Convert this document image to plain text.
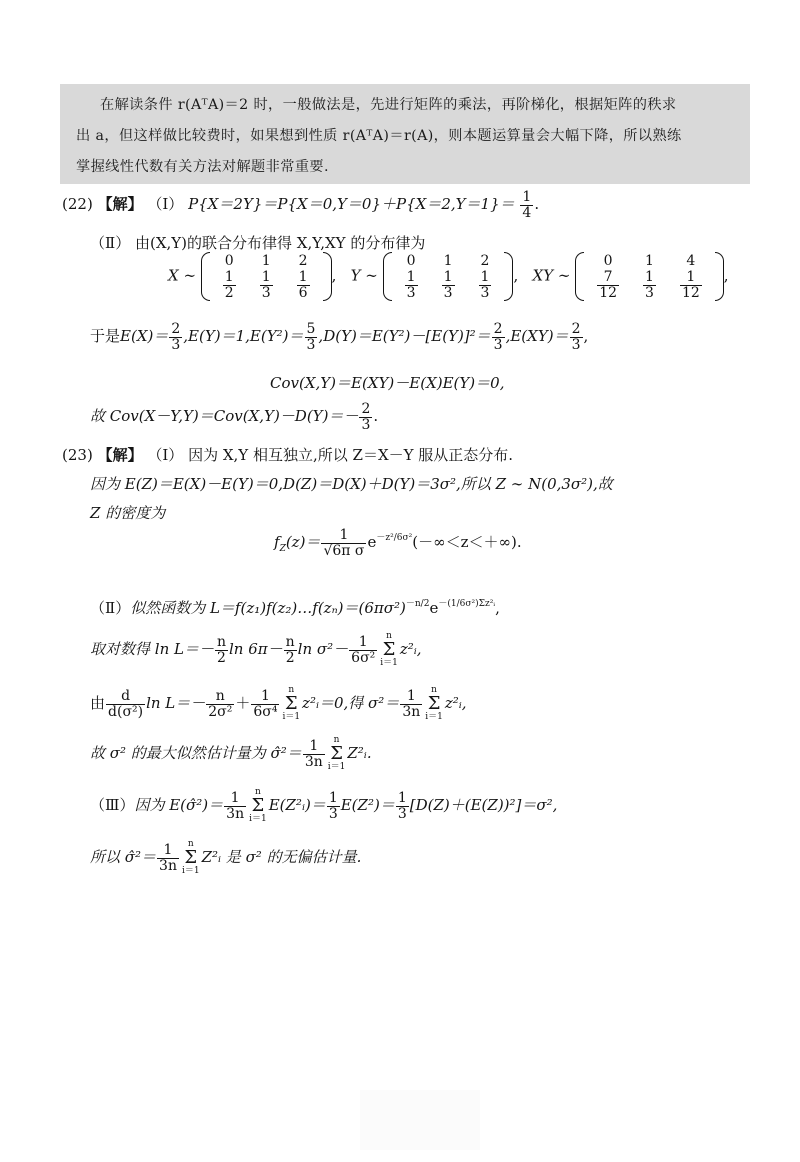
在解读条件 r(AᵀA)＝2 时，一般做法是，先进行矩阵的乘法，再阶梯化，根据矩阵的秩求
出 a，但这样做比较费时，如果想到性质 r(AᵀA)＝r(A)，则本题运算量会大幅下降，所以熟练
掌握线性代数有关方法对解题非常重要.
(22) 【解】 （Ⅰ） $P\{X=2Y\}=P\{X=0,Y=0\}+P\{X=2,Y=1\}= \frac{1}{4}$ .
（Ⅱ） 由(X,Y)的联合分布律得 X,Y,XY 的分布律为
X ∼
0	1	2

$\frac{1}{2}$	$\frac{1}{3}$	$\frac{1}{6}$ ,   Y ∼
0	1	2

$\frac{1}{3}$	$\frac{1}{3}$	$\frac{1}{3}$ ,   XY ∼
0	1	4

$\frac{7}{12}$	$\frac{1}{3}$	$\frac{1}{12}$ ,
于是$E(X)= \frac{2}{3} ,E(Y)=1,E(Y^2)= \frac{5}{3} ,D(Y)=E(Y^2)-[E(Y)]^2= \frac{2}{3} ,E(XY)= \frac{2}{3}$ ,
Cov(X,Y)＝E(XY)－E(X)E(Y)＝0,
故 $Cov(X-Y,Y)=Cov(X,Y)-D(Y)=- \frac{2}{3}$ .
(23) 【解】 （Ⅰ） 因为 X,Y 相互独立,所以 Z＝X－Y 服从正态分布.
因为 E(Z)＝E(X)－E(Y)＝0,D(Z)＝D(X)＋D(Y)＝3σ²,所以 Z ∼ N(0,3σ²),故
Z 的密度为
$f_Z(z)= \frac{1}{\text{√6π σ}} e^{-z^2/6\sigma^2}(-\infty<z<+\infty)$.
（Ⅱ）似然函数为 $L=f(z_1)f(z_2)\dots f(z_n)=(6\pi\sigma^2)^{-n/2}e^{-(1/6\sigma^2)\Sigma z^2ᵢ}$,
取对数得 $\ln L=- \frac{n}{2}$ $\ln 6\pi- \frac{n}{2}$ $\ln \sigma^2- \frac{1}{\text{6σ²}}$ n
Σ
i＝1
z²ᵢ,
由 $\frac{d}{\text{d(σ²)}}$ $\ln L=- \frac{n}{\text{2σ²}} + \frac{1}{\text{6σ⁴}}$ n
Σ
i＝1
z²ᵢ＝0,得 $\sigma^2= \frac{1}{3n}$ n
Σ
i＝1
z²ᵢ,
故 σ² 的最大似然估计量为 σ̂²＝ $\frac{1}{3n}$ n
Σ
i＝1
Z²ᵢ.
（Ⅲ）因为 E(σ̂²)＝ $\frac{1}{3n}$ n
Σ
i＝1
E(Z²ᵢ)＝ $\frac{1}{3} E(Z^2)= \frac{1}{3} [D(Z)+(E(Z))^2]=\sigma^2$,
所以 σ̂²＝ $\frac{1}{3n}$ n
Σ
i＝1
Z²ᵢ 是 σ² 的无偏估计量.
